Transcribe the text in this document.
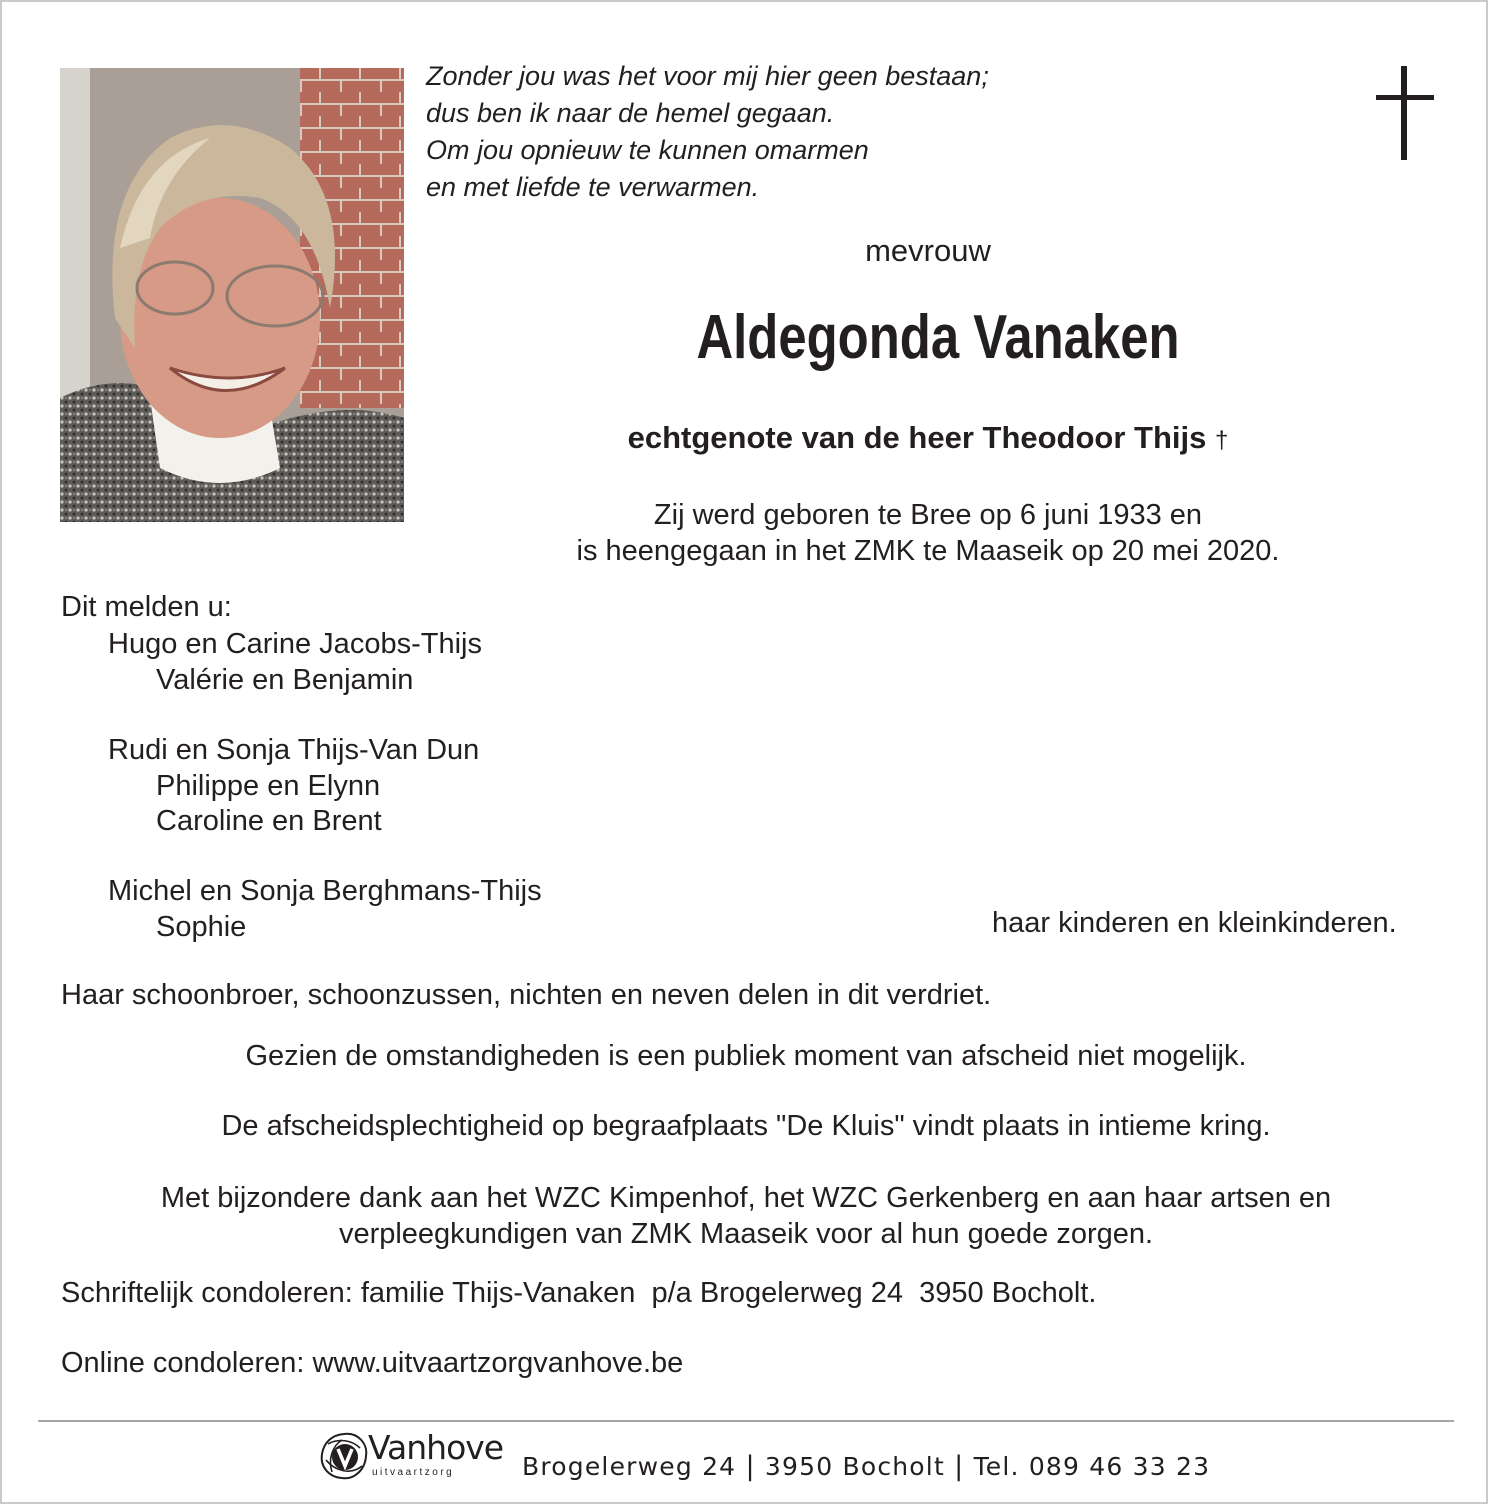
Zonder jou was het voor mij hier geen bestaan;
dus ben ik naar de hemel gegaan.
Om jou opnieuw te kunnen omarmen
en met liefde te verwarmen.
mevrouw
Aldegonda Vanaken
echtgenote van de heer Theodoor Thijs †
Zij werd geboren te Bree op 6 juni 1933 en
is heengegaan in het ZMK te Maaseik op 20 mei 2020.
Dit melden u:
Hugo en Carine Jacobs-Thijs
Valérie en Benjamin
Rudi en Sonja Thijs-Van Dun
Philippe en Elynn
Caroline en Brent
Michel en Sonja Berghmans-Thijs
Sophie	haar kinderen en kleinkinderen.
Haar schoonbroer, schoonzussen, nichten en neven delen in dit verdriet.
Gezien de omstandigheden is een publiek moment van afscheid niet mogelijk.
De afscheidsplechtigheid op begraafplaats "De Kluis" vindt plaats in intieme kring.
Met bijzondere dank aan het WZC Kimpenhof, het WZC Gerkenberg en aan haar artsen en
verpleegkundigen van ZMK Maaseik voor al hun goede zorgen.
Schriftelijk condoleren: familie Thijs-Vanaken  p/a Brogelerweg 24  3950 Bocholt.
Online condoleren: www.uitvaartzorgvanhove.be
Vanhove
uitvaartzorg	Brogelerweg 24 | 3950 Bocholt | Tel. 089 46 33 23
